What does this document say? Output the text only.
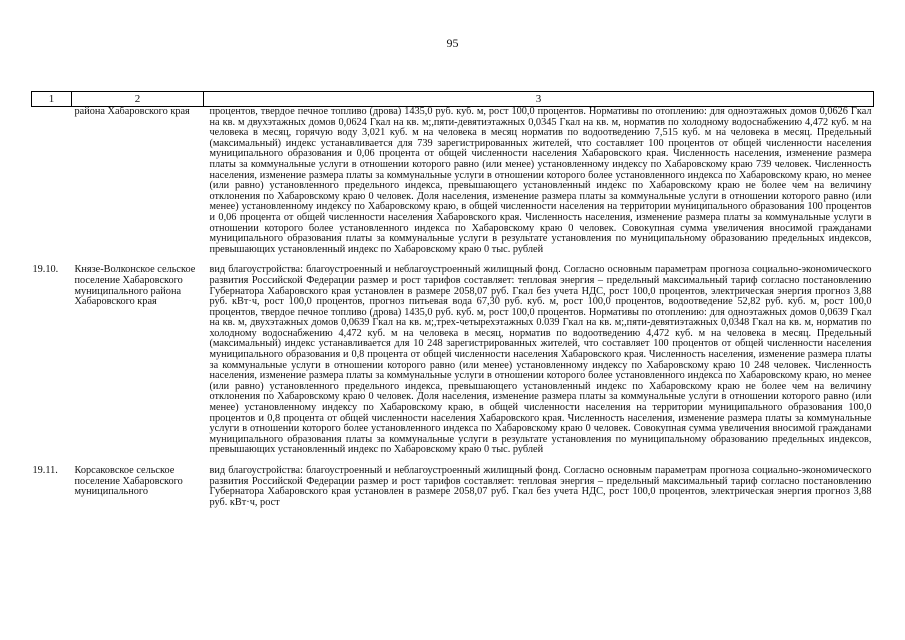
95
1	2	3
	района Хабаровского края	процентов, твердое печное топливо (дрова) 1435,0 руб. куб. м, рост 100,0 процентов. Нормативы по отоплению: для одноэтажных домов 0,0626 Гкал на кв. м двухэтажных домов 0,0624 Гкал на кв. м;,пяти-девятиэтажных 0,0345 Гкал на кв. м, норматив по холодному водоснабжению 4,472 куб. м на человека в месяц, горячую воду 3,021 куб. м на человека в месяц норматив по водоотведению 7,515 куб. м на человека в месяц. Предельный (максимальный) индекс устанавливается для 739 зарегистрированных жителей, что составляет 100 процентов от общей численности населения муниципального образования и 0,06 процента от общей численности населения Хабаровского края. Численность населения, изменение размера платы за коммунальные услуги в отношении которого равно (или менее) установленному индексу по Хабаровскому краю 739 человек. Численность населения, изменение размера платы за коммунальные услуги в отношении которого более установленного индекса по Хабаровскому краю, но менее (или равно) установленного предельного индекса, превышающего установленный индекс по Хабаровскому краю не более чем на величину отклонения по Хабаровскому краю 0 человек. Доля населения, изменение размера платы за коммунальные услуги в отношении которого равно (или менее) установленному индексу по Хабаровскому краю, в общей численности населения на территории муниципального образования 100 процентов и 0,06 процента от общей численности населения Хабаровского края. Численность населения, изменение размера платы за коммунальные услуги в отношении которого более установленного индекса по Хабаровскому краю 0 человек. Совокупная сумма увеличения вносимой гражданами муниципального образования платы за коммунальные услуги в результате установления по муниципальному образованию предельных индексов, превышающих установленный индекс по Хабаровскому краю 0 тыс. рублей
19.10.	Князе-Волконское сельское поселение Хабаровского муниципального района Хабаровского края	вид благоустройства: благоустроенный и неблагоустроенный жилищный фонд. Согласно основным параметрам прогноза социально-экономического развития Российской Федерации размер и рост тарифов составляет: тепловая энергия – предельный максимальный тариф согласно постановлению Губернатора Хабаровского края установлен в размере 2058,07 руб. Гкал без учета НДС, рост 100,0 процентов, электрическая энергия прогноз 3,88 руб. кВт·ч, рост 100,0 процентов, прогноз питьевая вода 67,30 руб. куб. м, рост 100,0 процентов, водоотведение 52,82 руб. куб. м, рост 100,0 процентов, твердое печное топливо (дрова) 1435,0 руб. куб. м, рост 100,0 процентов. Нормативы по отоплению: для одноэтажных домов 0,0639 Гкал на кв. м, двухэтажных домов 0,0639 Гкал на кв. м;,трех-четырехэтажных 0.039 Гкал на кв. м;,пяти-девятиэтажных 0,0348 Гкал на кв. м, норматив по холодному водоснабжению 4,472 куб. м на человека в месяц, норматив по водоотведению 4,472 куб. м на человека в месяц. Предельный (максимальный) индекс устанавливается для 10 248 зарегистрированных жителей, что составляет 100 процентов от общей численности населения муниципального образования и 0,8 процента от общей численности населения Хабаровского края. Численность населения, изменение размера платы за коммунальные услуги в отношении которого равно (или менее) установленному индексу по Хабаровскому краю 10 248 человек. Численность населения, изменение размера платы за коммунальные услуги в отношении которого более установленного индекса по Хабаровскому краю, но менее (или равно) установленного предельного индекса, превышающего установленный индекс по Хабаровскому краю не более чем на величину отклонения по Хабаровскому краю 0 человек. Доля населения, изменение размера платы за коммунальные услуги в отношении которого равно (или менее) установленному индексу по Хабаровскому краю, в общей численности населения на территории муниципального образования 100,0 процентов и 0,8 процента от общей численности населения Хабаровского края. Численность населения, изменение размера платы за коммунальные услуги в отношении которого более установленного индекса по Хабаровскому краю 0 человек. Совокупная сумма увеличения вносимой гражданами муниципального образования платы за коммунальные услуги в результате установления по муниципальному образованию предельных индексов, превышающих установленный индекс по Хабаровскому краю 0 тыс. рублей
19.11.	Корсаковское сельское поселение Хабаровского муниципального	вид благоустройства: благоустроенный и неблагоустроенный жилищный фонд. Согласно основным параметрам прогноза социально-экономического развития Российской Федерации размер и рост тарифов составляет: тепловая энергия – предельный максимальный тариф согласно постановлению Губернатора Хабаровского края установлен в размере 2058,07 руб. Гкал без учета НДС, рост 100,0 процентов, электрическая энергия прогноз 3,88 руб. кВт·ч, рост
